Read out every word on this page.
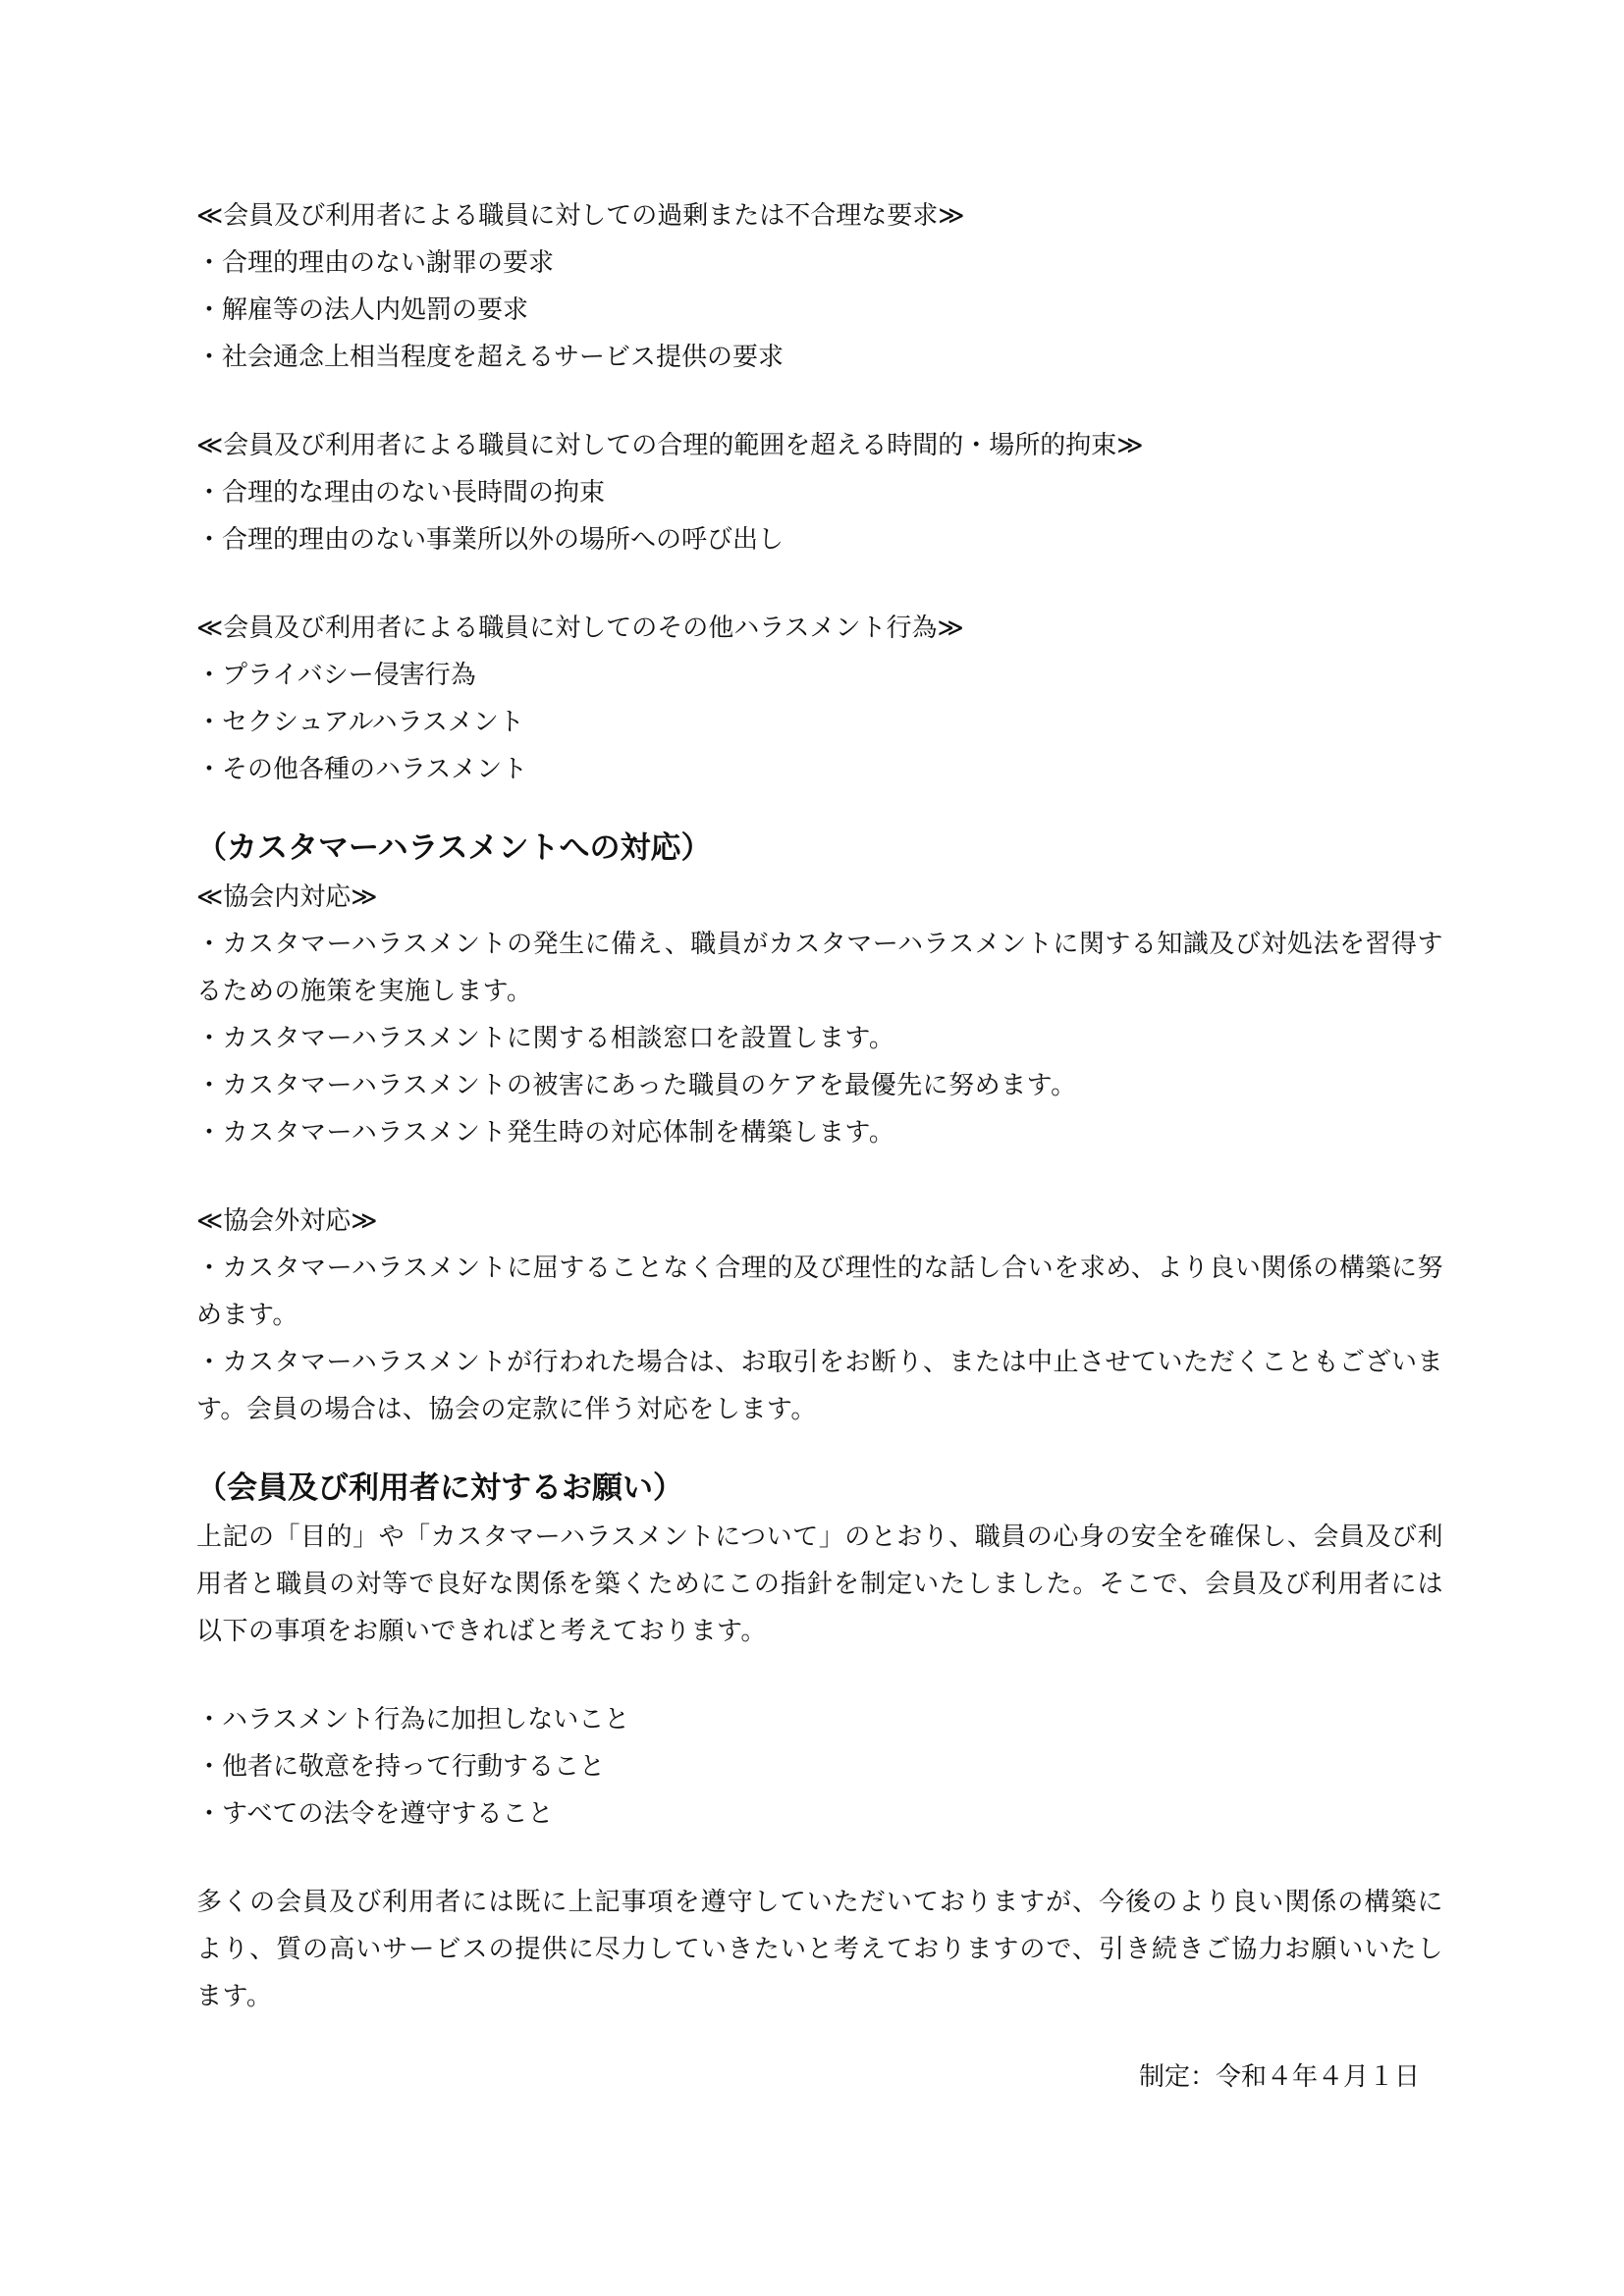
≪会員及び利用者による職員に対しての過剰または不合理な要求≫
・合理的理由のない謝罪の要求
・解雇等の法人内処罰の要求
・社会通念上相当程度を超えるサービス提供の要求
≪会員及び利用者による職員に対しての合理的範囲を超える時間的・場所的拘束≫
・合理的な理由のない長時間の拘束
・合理的理由のない事業所以外の場所への呼び出し
≪会員及び利用者による職員に対してのその他ハラスメント行為≫
・プライバシー侵害行為
・セクシュアルハラスメント
・その他各種のハラスメント
（カスタマーハラスメントへの対応）
≪協会内対応≫

・カスタマーハラスメントの発生に備え、職員がカスタマーハラスメントに関する知識及び対処法を習得するための施策を実施します。

・カスタマーハラスメントに関する相談窓口を設置します。

・カスタマーハラスメントの被害にあった職員のケアを最優先に努めます。

・カスタマーハラスメント発生時の対応体制を構築します。

≪協会外対応≫

・カスタマーハラスメントに屈することなく合理的及び理性的な話し合いを求め、より良い関係の構築に努めます。

・カスタマーハラスメントが行われた場合は、お取引をお断り、または中止させていただくこともございます。会員の場合は、協会の定款に伴う対応をします。

（会員及び利用者に対するお願い）

上記の「目的」や「カスタマーハラスメントについて」のとおり、職員の心身の安全を確保し、会員及び利用者と職員の対等で良好な関係を築くためにこの指針を制定いたしました。そこで、会員及び利用者には以下の事項をお願いできればと考えております。

・ハラスメント行為に加担しないこと
・他者に敬意を持って行動すること
・すべての法令を遵守すること

多くの会員及び利用者には既に上記事項を遵守していただいておりますが、今後のより良い関係の構築により、質の高いサービスの提供に尽力していきたいと考えておりますので、引き続きご協力お願いいたします。

制定：令和４年４月１日
